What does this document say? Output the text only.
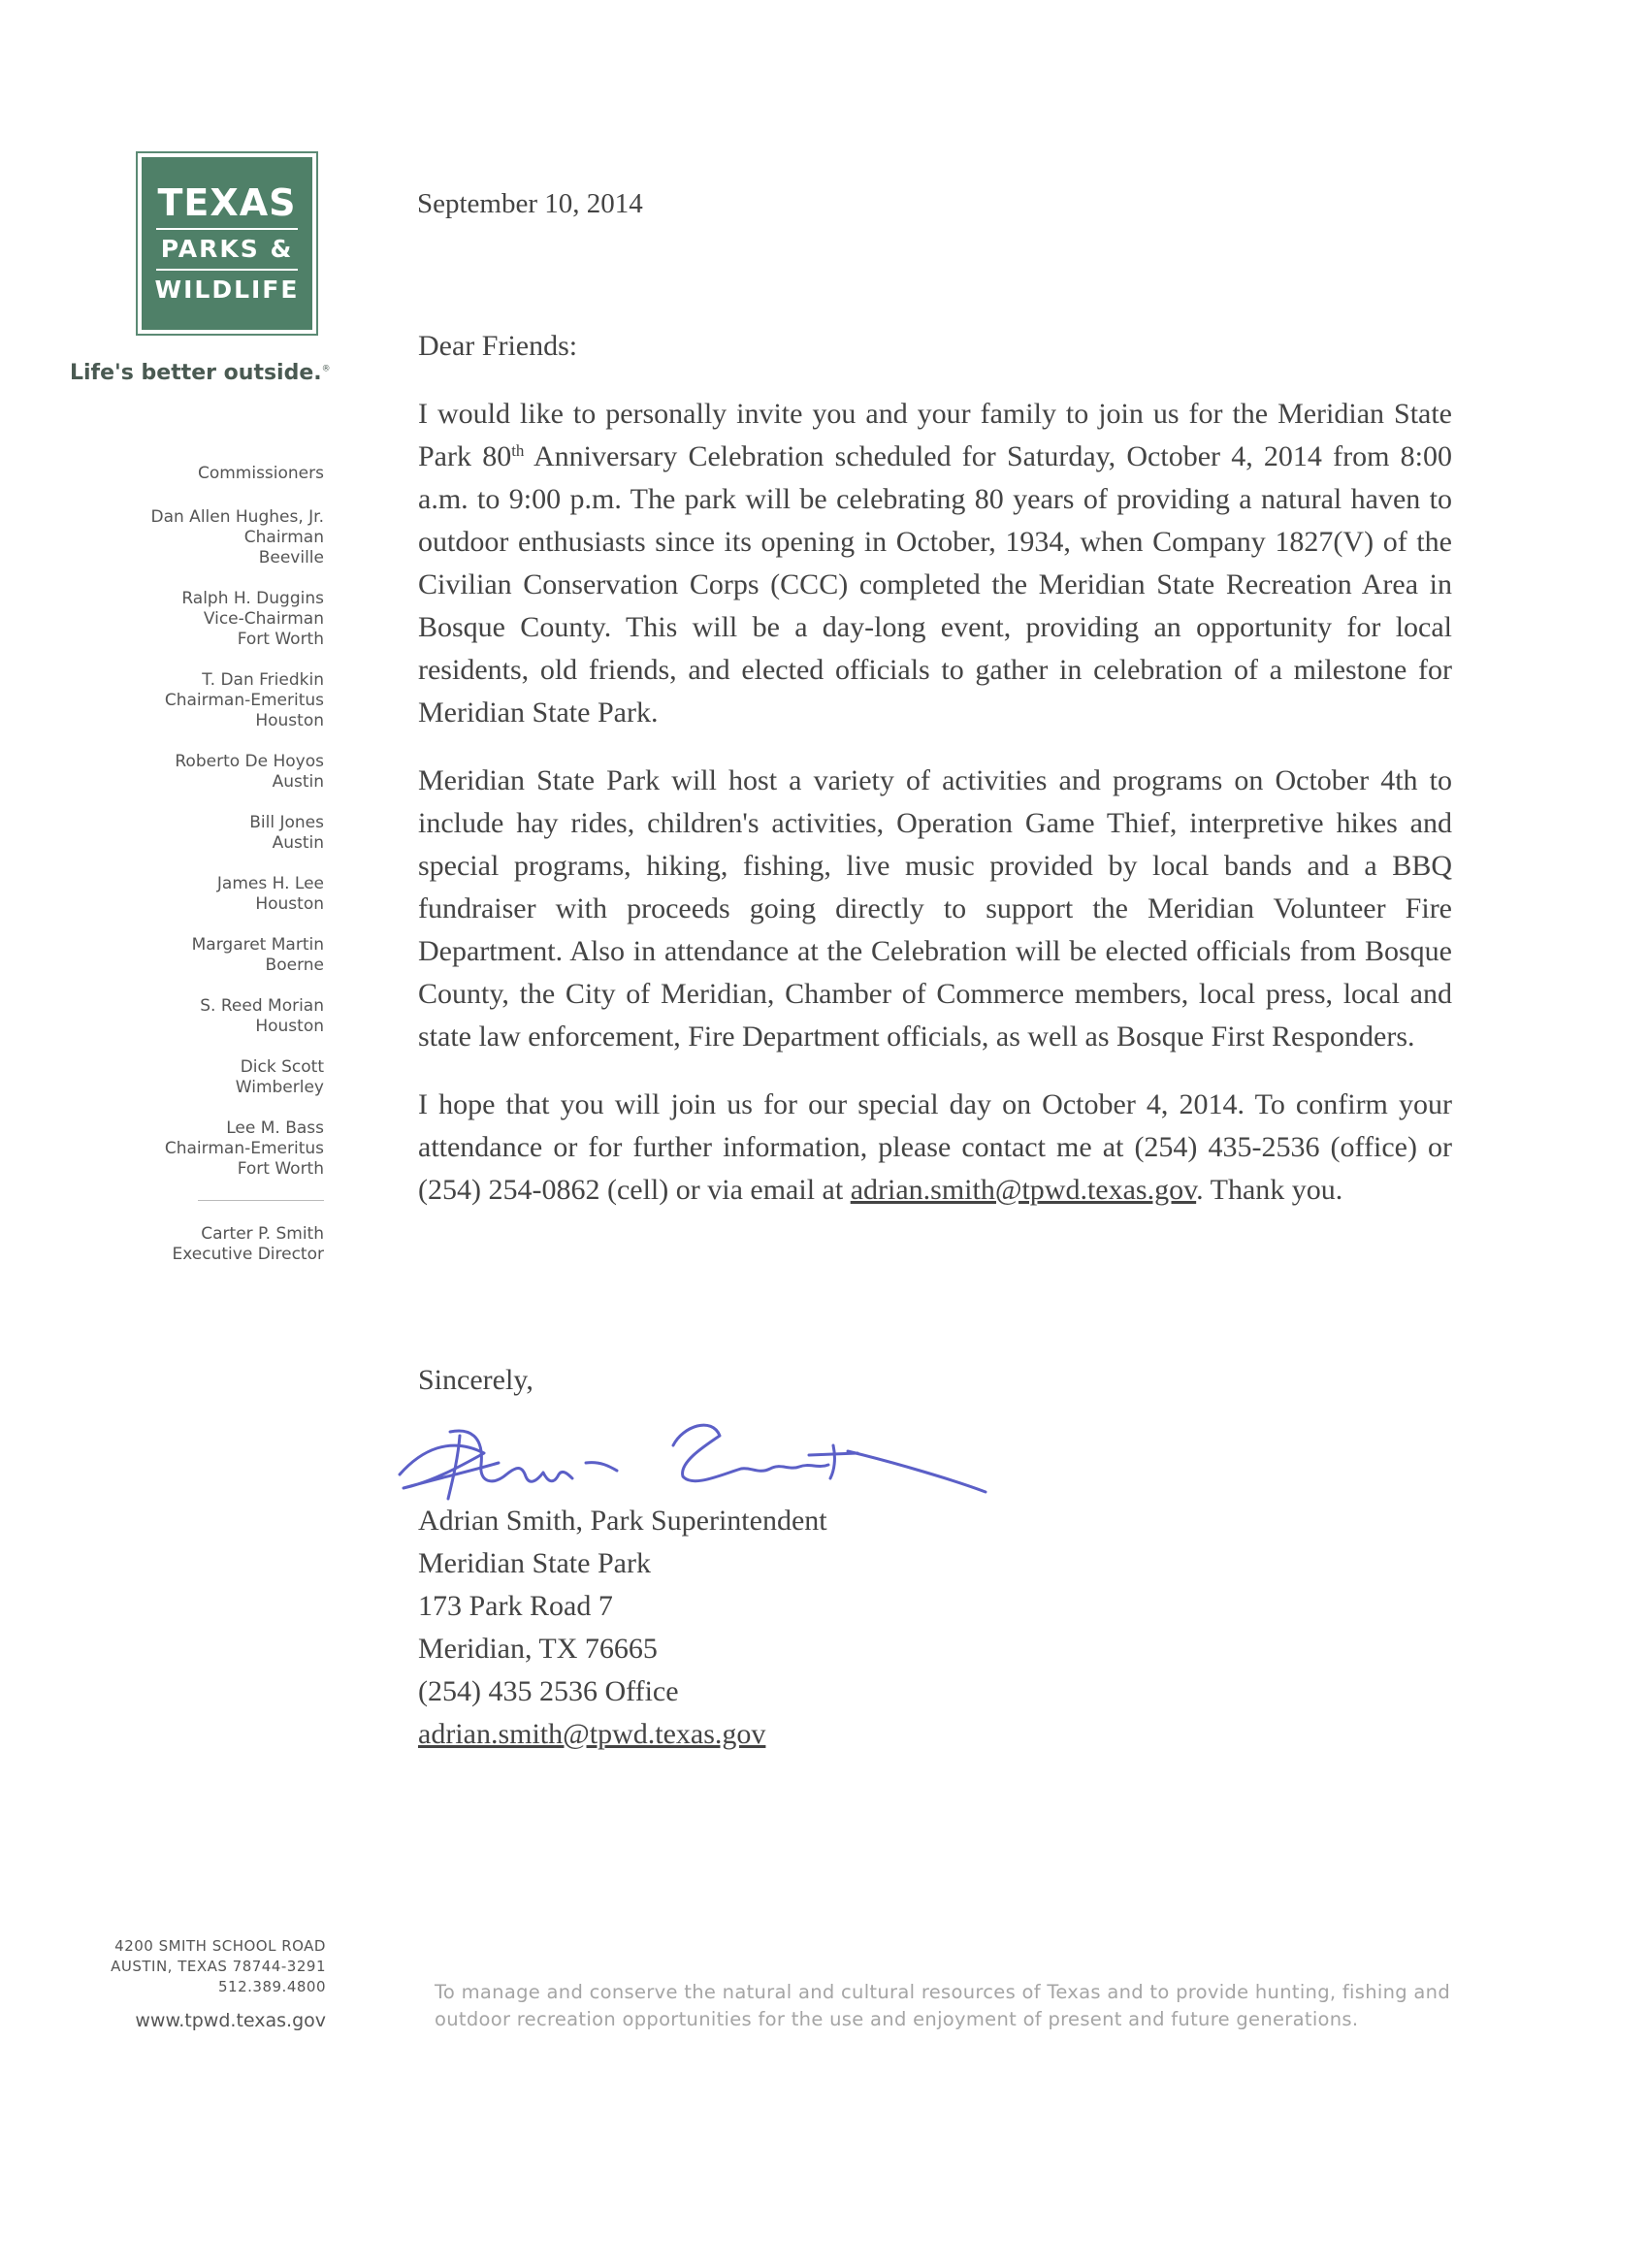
TEXAS
PARKS &
WILDLIFE
Life's better outside.®
Commissioners
Dan Allen Hughes, Jr.
Chairman
Beeville
Ralph H. Duggins
Vice-Chairman
Fort Worth
T. Dan Friedkin
Chairman-Emeritus
Houston
Roberto De Hoyos
Austin
Bill Jones
Austin
James H. Lee
Houston
Margaret Martin
Boerne
S. Reed Morian
Houston
Dick Scott
Wimberley
Lee M. Bass
Chairman-Emeritus
Fort Worth
Carter P. Smith
Executive Director
September 10, 2014

Dear Friends:

I would like to personally invite you and your family to join us for the Meridian State Park 80th Anniversary Celebration scheduled for Saturday, October 4, 2014 from 8:00 a.m. to 9:00 p.m. The park will be celebrating 80 years of providing a natural haven to outdoor enthusiasts since its opening in October, 1934, when Company 1827(V) of the Civilian Conservation Corps (CCC) completed the Meridian State Recreation Area in Bosque County. This will be a day-long event, providing an opportunity for local residents, old friends, and elected officials to gather in celebration of a milestone for Meridian State Park.

Meridian State Park will host a variety of activities and programs on October 4th to include hay rides, children's activities, Operation Game Thief, interpretive hikes and special programs, hiking, fishing, live music provided by local bands and a BBQ fundraiser with proceeds going directly to support the Meridian Volunteer Fire Department. Also in attendance at the Celebration will be elected officials from Bosque County, the City of Meridian, Chamber of Commerce members, local press, local and state law enforcement, Fire Department officials, as well as Bosque First Responders.

I hope that you will join us for our special day on October 4, 2014. To confirm your attendance or for further information, please contact me at (254) 435-2536 (office) or (254) 254-0862 (cell) or via email at adrian.smith@tpwd.texas.gov. Thank you.

Sincerely,
Adrian Smith, Park Superintendent
Meridian State Park
173 Park Road 7
Meridian, TX 76665
(254) 435 2536 Office
adrian.smith@tpwd.texas.gov
4200 SMITH SCHOOL ROAD
AUSTIN, TEXAS 78744-3291
512.389.4800
www.tpwd.texas.gov
To manage and conserve the natural and cultural resources of Texas and to provide hunting, fishing and outdoor recreation opportunities for the use and enjoyment of present and future generations.
